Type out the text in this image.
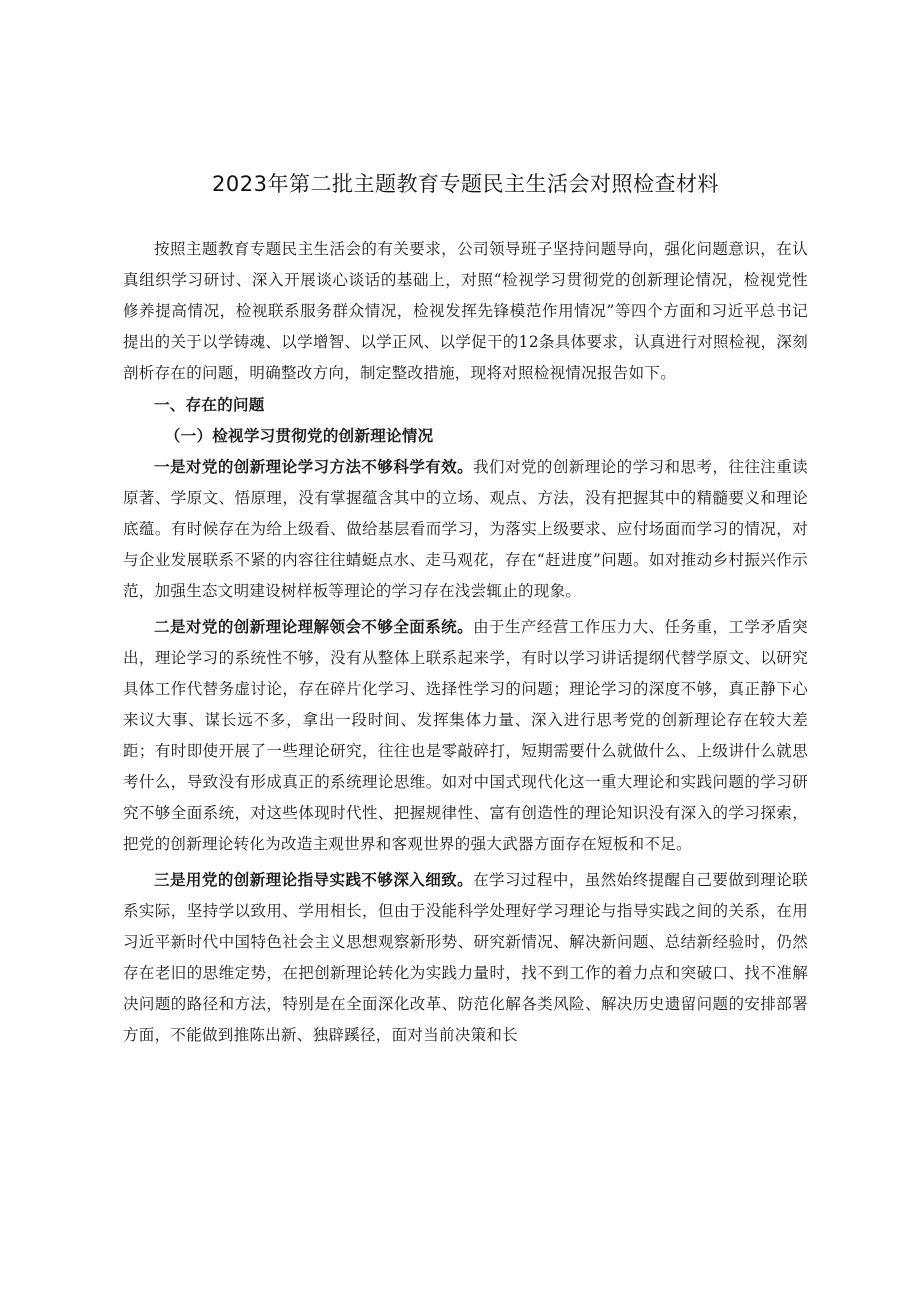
2023年第二批主题教育专题民主生活会对照检查材料

按照主题教育专题民主生活会的有关要求，公司领导班子坚持问题导向，强化问题意识，在认真组织学习研讨、深入开展谈心谈话的基础上，对照“检视学习贯彻党的创新理论情况，检视党性修养提高情况，检视联系服务群众情况，检视发挥先锋模范作用情况”等四个方面和习近平总书记提出的关于以学铸魂、以学增智、以学正风、以学促干的12条具体要求，认真进行对照检视，深刻剖析存在的问题，明确整改方向，制定整改措施，现将对照检视情况报告如下。

一、存在的问题

（一）检视学习贯彻党的创新理论情况

一是对党的创新理论学习方法不够科学有效。我们对党的创新理论的学习和思考，往往注重读原著、学原文、悟原理，没有掌握蕴含其中的立场、观点、方法，没有把握其中的精髓要义和理论底蕴。有时候存在为给上级看、做给基层看而学习，为落实上级要求、应付场面而学习的情况，对与企业发展联系不紧的内容往往蜻蜓点水、走马观花，存在“赶进度”问题。如对推动乡村振兴作示范，加强生态文明建设树样板等理论的学习存在浅尝辄止的现象。

二是对党的创新理论理解领会不够全面系统。由于生产经营工作压力大、任务重，工学矛盾突出，理论学习的系统性不够，没有从整体上联系起来学，有时以学习讲话提纲代替学原文、以研究具体工作代替务虚讨论，存在碎片化学习、选择性学习的问题；理论学习的深度不够，真正静下心来议大事、谋长远不多，拿出一段时间、发挥集体力量、深入进行思考党的创新理论存在较大差距；有时即使开展了一些理论研究，往往也是零敲碎打，短期需要什么就做什么、上级讲什么就思考什么，导致没有形成真正的系统理论思维。如对中国式现代化这一重大理论和实践问题的学习研究不够全面系统，对这些体现时代性、把握规律性、富有创造性的理论知识没有深入的学习探索，把党的创新理论转化为改造主观世界和客观世界的强大武器方面存在短板和不足。

三是用党的创新理论指导实践不够深入细致。在学习过程中，虽然始终提醒自己要做到理论联系实际，坚持学以致用、学用相长，但由于没能科学处理好学习理论与指导实践之间的关系，在用习近平新时代中国特色社会主义思想观察新形势、研究新情况、解决新问题、总结新经验时，仍然存在老旧的思维定势，在把创新理论转化为实践力量时，找不到工作的着力点和突破口、找不准解决问题的路径和方法，特别是在全面深化改革、防范化解各类风险、解决历史遗留问题的安排部署方面，不能做到推陈出新、独辟蹊径，面对当前决策和长
